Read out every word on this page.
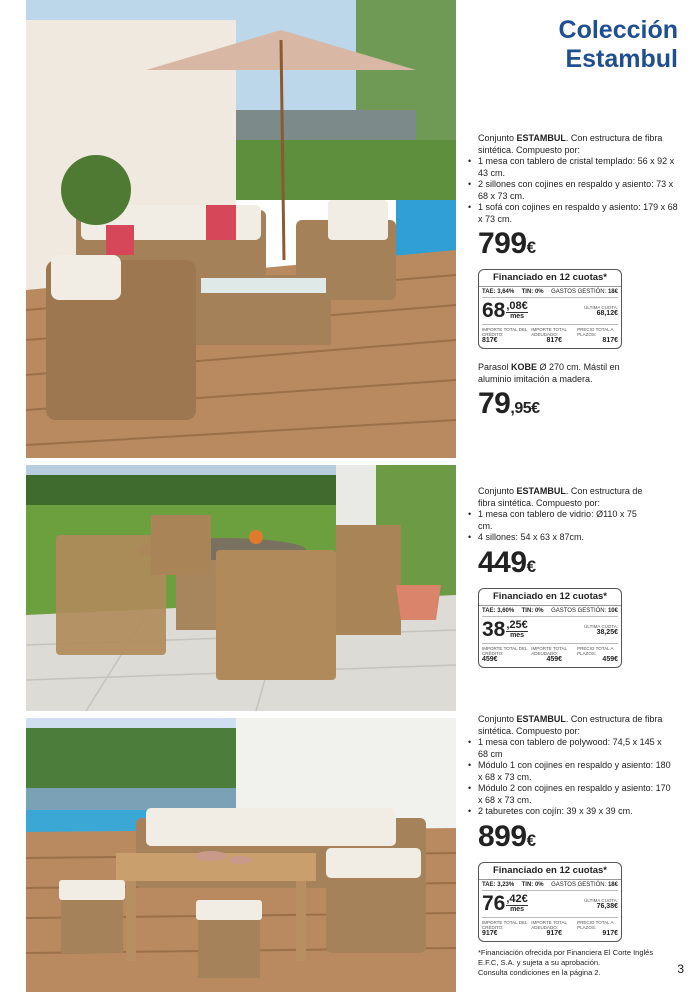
Colección
Estambul
Conjunto ESTAMBUL. Con estructura de fibra sintética. Compuesto por:
• 1 mesa con tablero de cristal templado: 56 x 92 x 43 cm.
• 2 sillones con cojines en respaldo y asiento: 73 x 68 x 73 cm.
• 1 sofá con cojines en respaldo y asiento: 179 x 68 x 73 cm.
799€
Financiado en 12 cuotas*
TAE: 3,64% TIN: 0% GASTOS GESTIÓN: 18€
68 ,08€
mes
ÚLTIMA CUOTA:
68,12€
IMPORTE TOTAL DEL CRÉDITO:
817€
IMPORTE TOTAL ADEUDADO:
817€
PRECIO TOTAL A PLAZOS:
817€
Parasol KOBE Ø 270 cm. Mástil en aluminio imitación a madera.
79,95€
Conjunto ESTAMBUL. Con estructura de fibra sintética. Compuesto por:
• 1 mesa con tablero de vidrio: Ø110 x 75 cm.
• 4 sillones: 54 x 63 x 87cm.
449€
Financiado en 12 cuotas*
TAE: 3,60% TIN: 0% GASTOS GESTIÓN: 10€
38 ,25€
mes
ÚLTIMA CUOTA:
38,25€
IMPORTE TOTAL DEL CRÉDITO:
459€
IMPORTE TOTAL ADEUDADO:
459€
PRECIO TOTAL A PLAZOS:
459€
Conjunto ESTAMBUL. Con estructura de fibra sintética. Compuesto por:
• 1 mesa con tablero de polywood: 74,5 x 145 x 68 cm
• Módulo 1 con cojines en respaldo y asiento: 180 x 68 x 73 cm.
• Módulo 2 con cojines en respaldo y asiento: 170 x 68 x 73 cm.
• 2 taburetes con cojín: 39 x 39 x 39 cm.
899€
Financiado en 12 cuotas*
TAE: 3,23% TIN: 0% GASTOS GESTIÓN: 18€
76 ,42€
mes
ÚLTIMA CUOTA:
76,38€
IMPORTE TOTAL DEL CRÉDITO:
917€
IMPORTE TOTAL ADEUDADO:
917€
PRECIO TOTAL A PLAZOS:
917€
*Financiación ofrecida por Financiera El Corte Inglés
E.F.C, S.A. y sujeta a su aprobación.
Consulta condiciones en la página 2.	3
